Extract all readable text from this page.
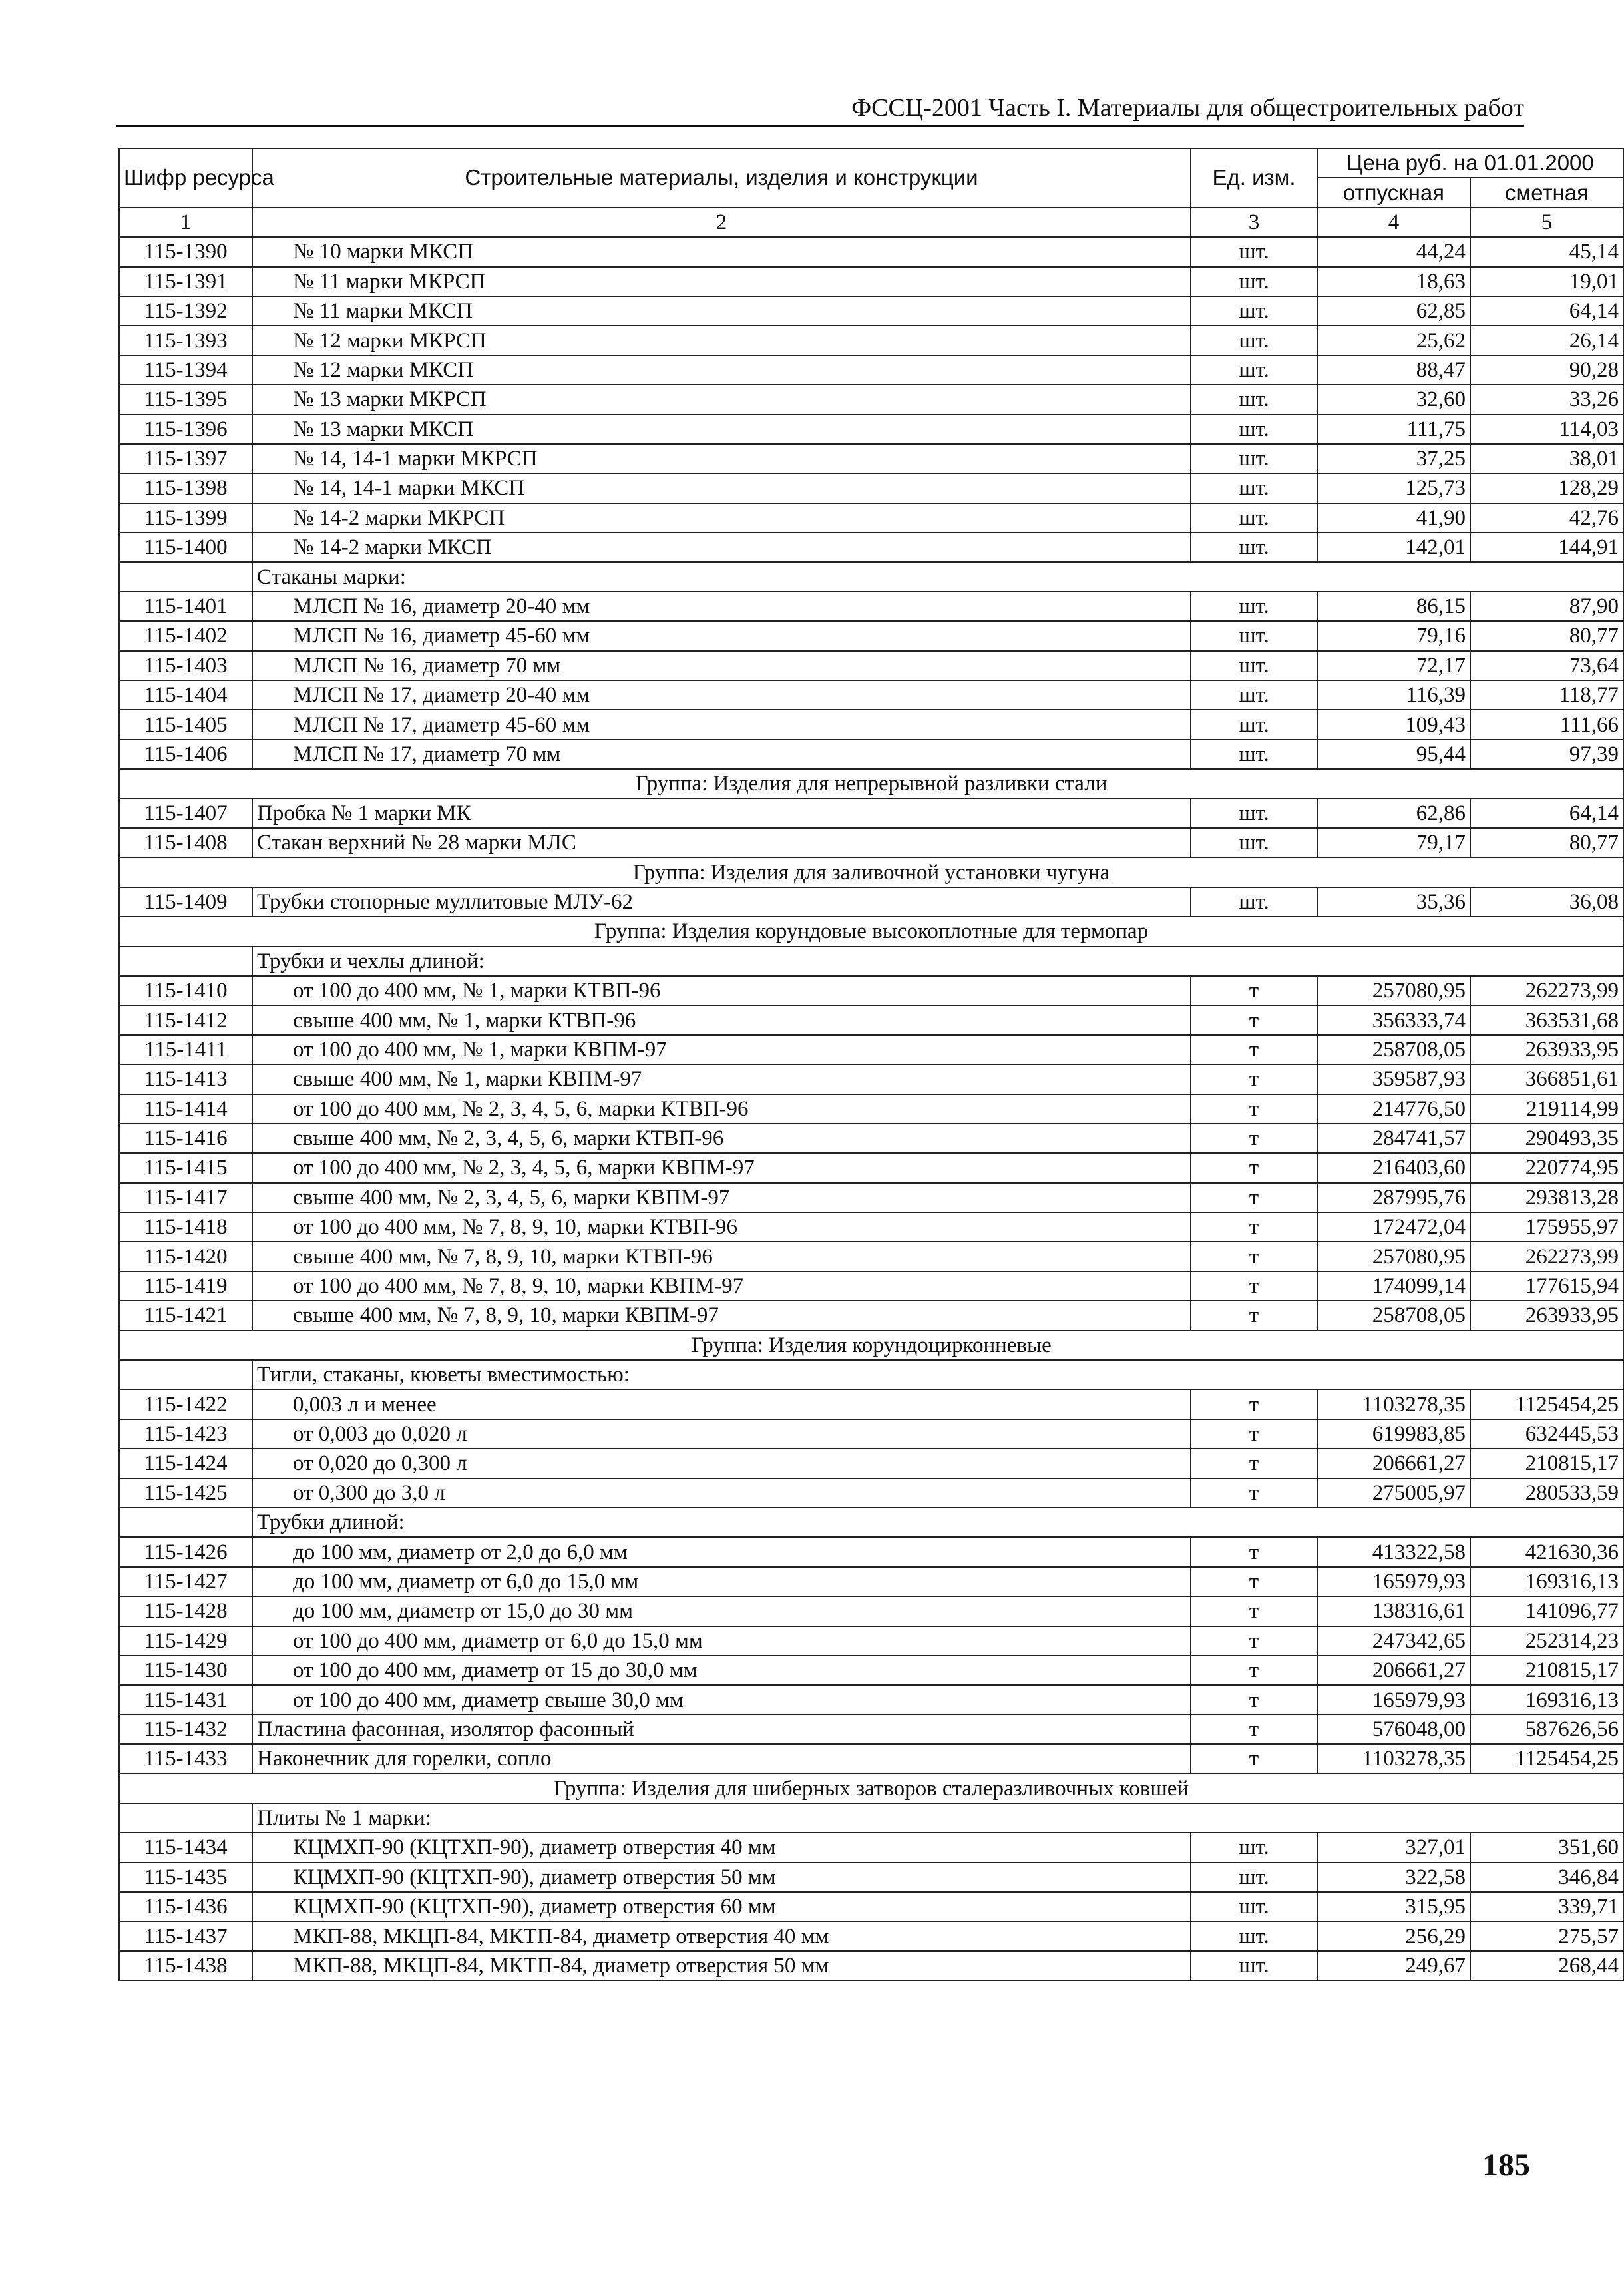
ФССЦ-2001 Часть I. Материалы для общестроительных работ
Шифр ресурса	Строительные материалы, изделия и конструкции	Ед. изм.	Цена руб. на 01.01.2000	
			отпускная	сметная
1	2	3	4	5
115-1390	№ 10 марки МКСП	шт.	44,24	45,14
115-1391	№ 11 марки МКРСП	шт.	18,63	19,01
115-1392	№ 11 марки МКСП	шт.	62,85	64,14
115-1393	№ 12 марки МКРСП	шт.	25,62	26,14
115-1394	№ 12 марки МКСП	шт.	88,47	90,28
115-1395	№ 13 марки МКРСП	шт.	32,60	33,26
115-1396	№ 13 марки МКСП	шт.	111,75	114,03
115-1397	№ 14, 14-1 марки МКРСП	шт.	37,25	38,01
115-1398	№ 14, 14-1 марки МКСП	шт.	125,73	128,29
115-1399	№ 14-2 марки МКРСП	шт.	41,90	42,76
115-1400	№ 14-2 марки МКСП	шт.	142,01	144,91
	Стаканы марки:			
115-1401	МЛСП № 16, диаметр 20-40 мм	шт.	86,15	87,90
115-1402	МЛСП № 16, диаметр 45-60 мм	шт.	79,16	80,77
115-1403	МЛСП № 16, диаметр 70 мм	шт.	72,17	73,64
115-1404	МЛСП № 17, диаметр 20-40 мм	шт.	116,39	118,77
115-1405	МЛСП № 17, диаметр 45-60 мм	шт.	109,43	111,66
115-1406	МЛСП № 17, диаметр 70 мм	шт.	95,44	97,39
Группа: Изделия для непрерывной разливки стали				
115-1407	Пробка № 1 марки МК	шт.	62,86	64,14
115-1408	Стакан верхний № 28 марки МЛС	шт.	79,17	80,77
Группа: Изделия для заливочной установки чугуна				
115-1409	Трубки стопорные муллитовые МЛУ-62	шт.	35,36	36,08
Группа: Изделия корундовые высокоплотные для термопар				
	Трубки и чехлы длиной:			
115-1410	от 100 до 400 мм, № 1, марки КТВП-96	т	257080,95	262273,99
115-1412	свыше 400 мм, № 1, марки КТВП-96	т	356333,74	363531,68
115-1411	от 100 до 400 мм, № 1, марки КВПМ-97	т	258708,05	263933,95
115-1413	свыше 400 мм, № 1, марки КВПМ-97	т	359587,93	366851,61
115-1414	от 100 до 400 мм, № 2, 3, 4, 5, 6, марки КТВП-96	т	214776,50	219114,99
115-1416	свыше 400 мм, № 2, 3, 4, 5, 6, марки КТВП-96	т	284741,57	290493,35
115-1415	от 100 до 400 мм, № 2, 3, 4, 5, 6, марки КВПМ-97	т	216403,60	220774,95
115-1417	свыше 400 мм, № 2, 3, 4, 5, 6, марки КВПМ-97	т	287995,76	293813,28
115-1418	от 100 до 400 мм, № 7, 8, 9, 10, марки КТВП-96	т	172472,04	175955,97
115-1420	свыше 400 мм, № 7, 8, 9, 10, марки КТВП-96	т	257080,95	262273,99
115-1419	от 100 до 400 мм, № 7, 8, 9, 10, марки КВПМ-97	т	174099,14	177615,94
115-1421	свыше 400 мм, № 7, 8, 9, 10, марки КВПМ-97	т	258708,05	263933,95
Группа: Изделия корундоцирконневые				
	Тигли, стаканы, кюветы вместимостью:			
115-1422	0,003 л и менее	т	1103278,35	1125454,25
115-1423	от 0,003 до 0,020 л	т	619983,85	632445,53
115-1424	от 0,020 до 0,300 л	т	206661,27	210815,17
115-1425	от 0,300 до 3,0 л	т	275005,97	280533,59
	Трубки длиной:			
115-1426	до 100 мм, диаметр от 2,0 до 6,0 мм	т	413322,58	421630,36
115-1427	до 100 мм, диаметр от 6,0 до 15,0 мм	т	165979,93	169316,13
115-1428	до 100 мм, диаметр от 15,0 до 30 мм	т	138316,61	141096,77
115-1429	от 100 до 400 мм, диаметр от 6,0 до 15,0 мм	т	247342,65	252314,23
115-1430	от 100 до 400 мм, диаметр от 15 до 30,0 мм	т	206661,27	210815,17
115-1431	от 100 до 400 мм, диаметр свыше 30,0 мм	т	165979,93	169316,13
115-1432	Пластина фасонная, изолятор фасонный	т	576048,00	587626,56
115-1433	Наконечник для горелки, сопло	т	1103278,35	1125454,25
Группа: Изделия для шиберных затворов сталеразливочных ковшей				
	Плиты № 1 марки:			
115-1434	КЦМХП-90 (КЦТХП-90), диаметр отверстия 40 мм	шт.	327,01	351,60
115-1435	КЦМХП-90 (КЦТХП-90), диаметр отверстия 50 мм	шт.	322,58	346,84
115-1436	КЦМХП-90 (КЦТХП-90), диаметр отверстия 60 мм	шт.	315,95	339,71
115-1437	МКП-88, МКЦП-84, МКТП-84, диаметр отверстия 40 мм	шт.	256,29	275,57
115-1438	МКП-88, МКЦП-84, МКТП-84, диаметр отверстия 50 мм	шт.	249,67	268,44
185
